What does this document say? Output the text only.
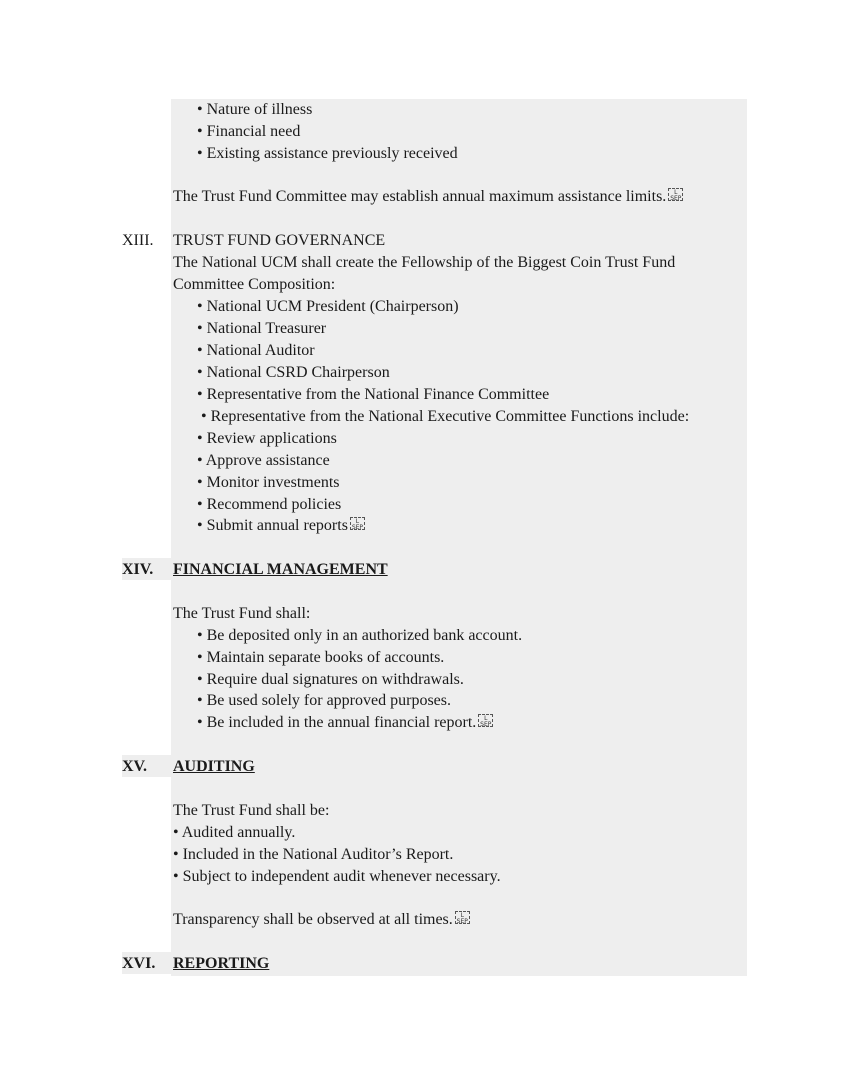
• Nature of illness
• Financial need
• Existing assistance previously received
The Trust Fund Committee may establish annual maximum assistance limits. L
SEP
XIII. TRUST FUND GOVERNANCE
The National UCM shall create the Fellowship of the Biggest Coin Trust Fund
Committee Composition:
• National UCM President (Chairperson)
• National Treasurer
• National Auditor
• National CSRD Chairperson
• Representative from the National Finance Committee
• Representative from the National Executive Committee Functions include:
• Review applications
• Approve assistance
• Monitor investments
• Recommend policies
• Submit annual reports L
SEP
XIV. FINANCIAL MANAGEMENT
The Trust Fund shall:
• Be deposited only in an authorized bank account.
• Maintain separate books of accounts.
• Require dual signatures on withdrawals.
• Be used solely for approved purposes.
• Be included in the annual financial report. L
SEP
XV. AUDITING
The Trust Fund shall be:
• Audited annually.
• Included in the National Auditor’s Report.
• Subject to independent audit whenever necessary.
Transparency shall be observed at all times. L
SEP
XVI. REPORTING
